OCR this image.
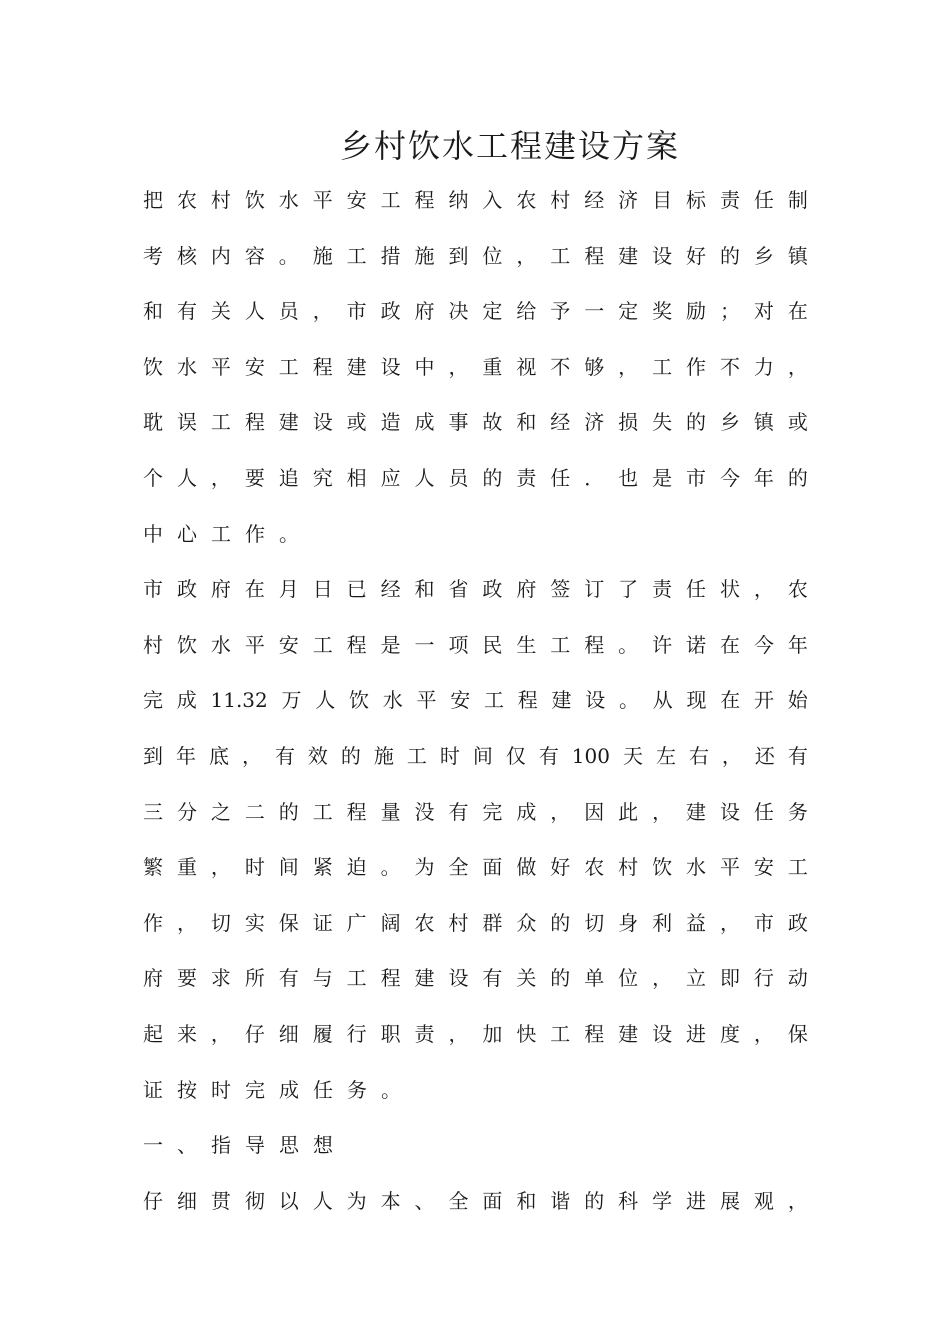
乡村饮水工程建设方案
把 农 村 饮 水 平 安 工 程 纳 入 农 村 经 济 目 标 责 任 制
考 核 内 容 。 施 工 措 施 到 位 ， 工 程 建 设 好 的 乡 镇
和 有 关 人 员 ， 市 政 府 决 定 给 予 一 定 奖 励 ； 对 在
饮 水 平 安 工 程 建 设 中 ， 重 视 不 够 ， 工 作 不 力 ，
耽 误 工 程 建 设 或 造 成 事 故 和 经 济 损 失 的 乡 镇 或
个 人 ， 要 追 究 相 应 人 员 的 责 任 ． 也 是 市 今 年 的
中 心 工 作 。
市 政 府 在 月 日 已 经 和 省 政 府 签 订 了 责 任 状 ， 农
村 饮 水 平 安 工 程 是 一 项 民 生 工 程 。 许 诺 在 今 年
完 成 11.32 万 人 饮 水 平 安 工 程 建 设 。 从 现 在 开 始
到 年 底 ， 有 效 的 施 工 时 间 仅 有 100 天 左 右 ， 还 有
三 分 之 二 的 工 程 量 没 有 完 成 ， 因 此 ， 建 设 任 务
繁 重 ， 时 间 紧 迫 。 为 全 面 做 好 农 村 饮 水 平 安 工
作 ， 切 实 保 证 广 阔 农 村 群 众 的 切 身 利 益 ， 市 政
府 要 求 所 有 与 工 程 建 设 有 关 的 单 位 ， 立 即 行 动
起 来 ， 仔 细 履 行 职 责 ， 加 快 工 程 建 设 进 度 ， 保
证 按 时 完 成 任 务 。
一 、 指 导 思 想
仔 细 贯 彻 以 人 为 本 、 全 面 和 谐 的 科 学 进 展 观 ，
